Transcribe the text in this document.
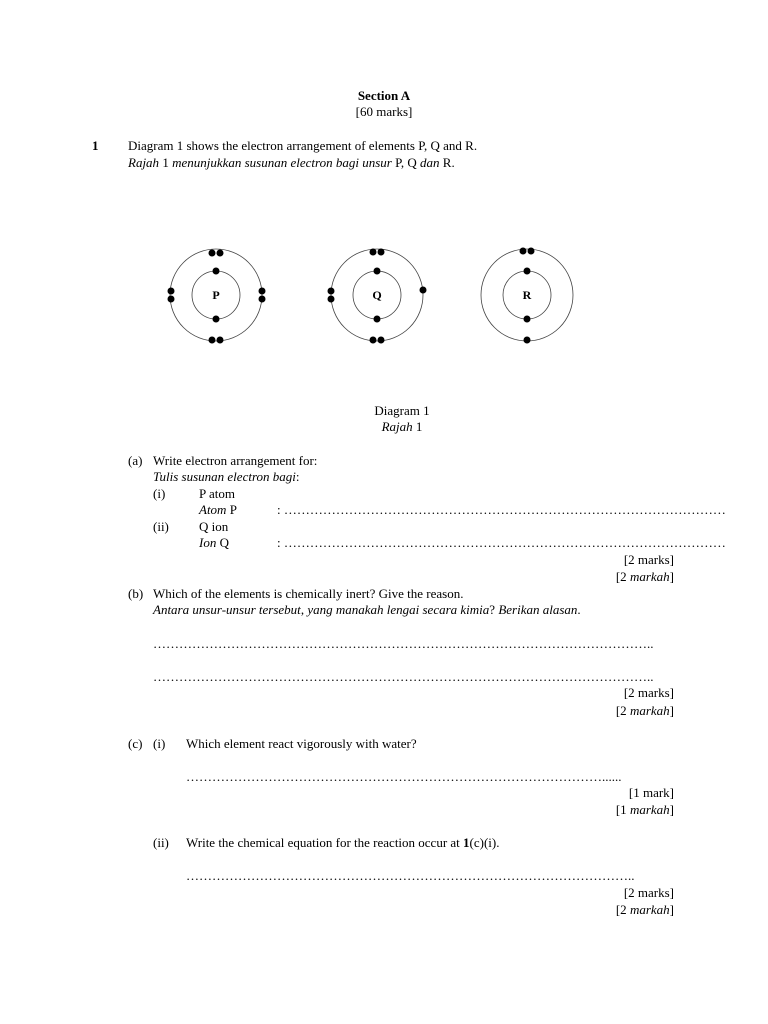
Section A
[60 marks]
1 Diagram 1 shows the electron arrangement of elements P, Q and R.
Rajah 1 menunjukkan susunan electron bagi unsur P, Q dan R.
P	Q	R
Diagram 1
Rajah 1
(a) Write electron arrangement for:
Tulis susunan electron bagi:
(i)	P atom
Atom P	: …………………………………………………………………………………………
(ii) Q ion
Ion Q	: …………………………………………………………………………………………
[2 marks]
[2 markah]
(b) Which of the elements is chemically inert? Give the reason.
Antara unsur-unsur tersebut, yang manakah lengai secara kimia? Berikan alasan.
……………………………………………………………………………………………………..
……………………………………………………………………………………………………..
[2 marks]
[2 markah]
(c) (i) Which element react vigorously with water?
……………………………………………………………………………………......
[1 mark]
[1 markah]
(ii) Write the chemical equation for the reaction occur at 1(c)(i).
…………………………………………………………………………………………..
[2 marks]
[2 markah]
